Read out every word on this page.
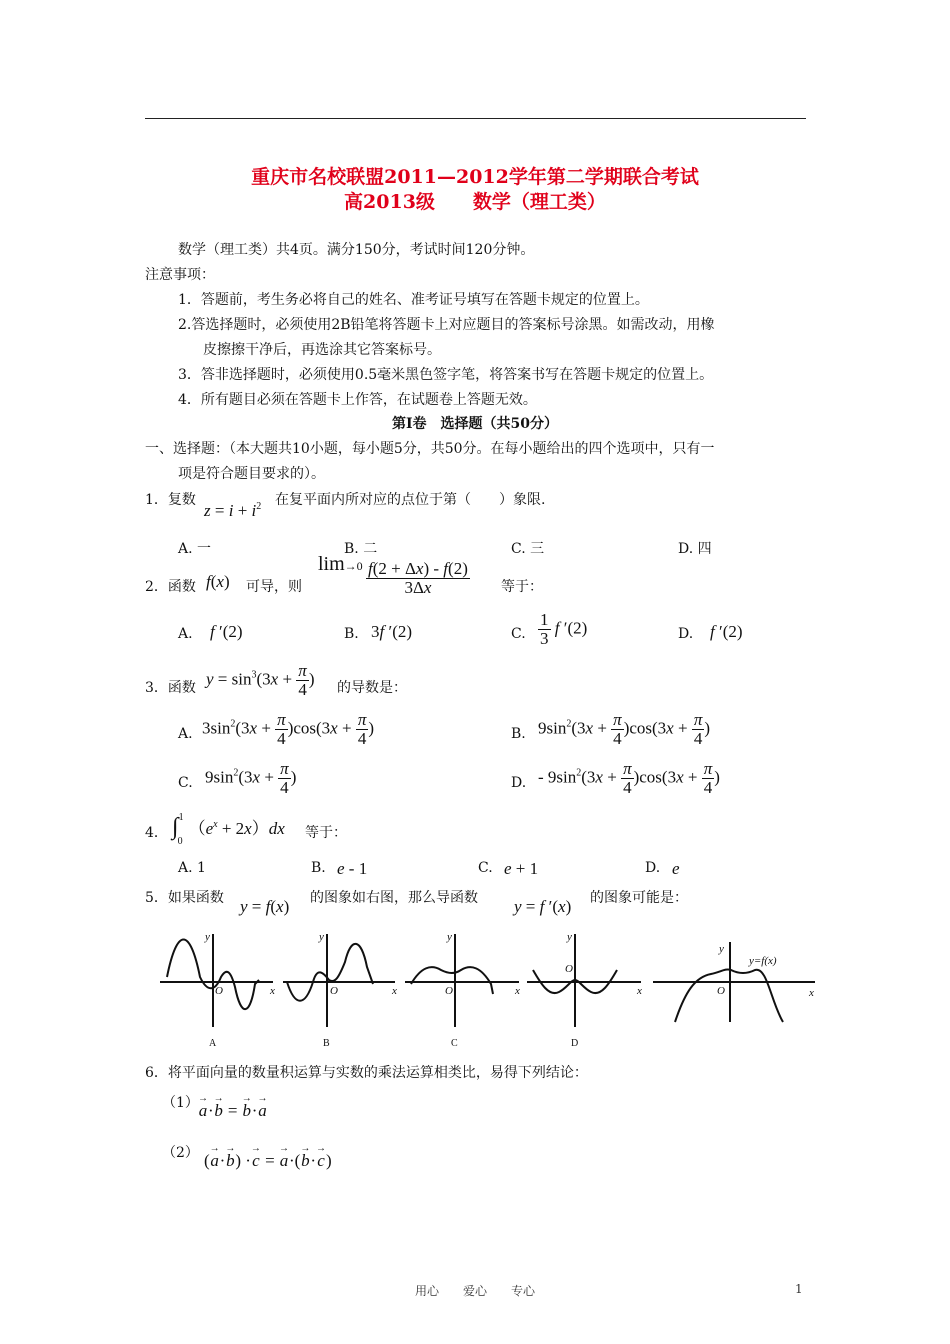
重庆市名校联盟2011—2012学年第二学期联合考试
高2013级　　数学（理工类）
数学（理工类）共4页。满分150分，考试时间120分钟。
注意事项：
1．答题前，考生务必将自己的姓名、准考证号填写在答题卡规定的位置上。
2.答选择题时，必须使用2B铅笔将答题卡上对应题目的答案标号涂黑。如需改动，用橡
皮擦擦干净后，再选涂其它答案标号。
3．答非选择题时，必须使用0.5毫米黑色签字笔，将答案书写在答题卡规定的位置上。
4．所有题目必须在答题卡上作答，在试题卷上答题无效。
第Ⅰ卷　选择题（共50分）
一、选择题：（本大题共10小题，每小题5分，共50分。在每小题给出的四个选项中，只有一
项是符合题目要求的）。
1．复数
$z = i + i^2$ 在复平面内所对应的点位于第（　　）象限.
A. 一	B. 二	C. 三	D. 四
2．函数 f(x) 可导，则
$\lim\to 0 \frac{f(2 + \Delta x) - f(2)}{3\Delta x}$ 等于：
A. f ′(2)	B. 3f ′(2)	C. $\frac{1}{3}$ f ′(2)	D. f ′(2)
3．函数 $y = \sin^3(3x + \frac{\pi}{4}$ ) 的导数是：
A. $3\sin^2(3x + \frac{\pi}{4} )\cos(3x + \frac{\pi}{4}$ )	B. $9\sin^2(3x + \frac{\pi}{4} )\cos(3x + \frac{\pi}{4}$ )
C. $9\sin^2(3x + \frac{\pi}{4}$ )	D. - $9\sin^2(3x + \frac{\pi}{4} )\cos(3x + \frac{\pi}{4}$ )
4． $\int^1_0(e^x + 2x)dx$ 等于：
A. 1	B. e - 1	C. e + 1	D. e
5．如果函数 y = f(x) 的图象如右图，那么导函数 y = f ′(x) 的图象可能是：
y
x
O
y
x
O
y
x
O
y
x
O
y
x
O
y=f(x)
A	B	C	D
6．将平面向量的数量积运算与实数的乘法运算相类比，易得下列结论：
（1） →
a·
→
b =
→
b·
→
a
（2） (
→
a·
→
b) ·
→
c =
→
a·(
→
b·
→
c)
用心　　爱心　　专心	1
